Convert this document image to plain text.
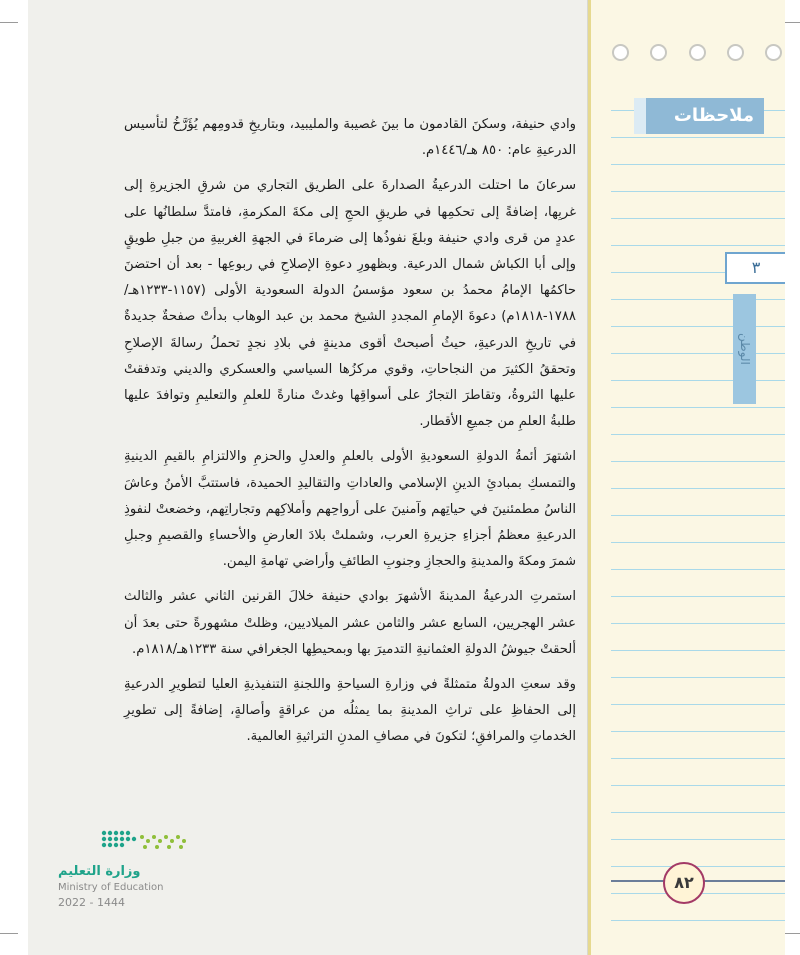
وادي حنيفة، وسكنَ القادمون ما بينَ غصيبة والمليبيد، وبتاريخِ قدومِهم يُؤَرَّخُ لتأسيس الدرعيةِ عام: ٨٥٠ هـ/١٤٤٦م.

سرعانَ ما احتلت الدرعيةُ الصدارةَ على الطريق التجاري من شرقِ الجزيرةِ إلى غربِها، إضافةً إلى تحكمِها في طريقِ الحجِ إلى مكةَ المكرمةِ، فامتدَّ سلطانُها على عددٍ من قرى وادي حنيفة وبلغَ نفوذُها إلى ضرماءَ في الجهةِ الغربيةِ من جبلِ طويقٍ وإلى أبا الكباش شمال الدرعية. وبظهورِ دعوةِ الإصلاحِ في ربوعِها - بعد أن احتضنَ حاكمُها الإمامُ محمدُ بن سعود مؤسسُ الدولة السعودية الأولى (١١٥٧-١٢٣٣هـ/١٧٨٨-١٨١٨م) دعوةَ الإمامِ المجددِ الشيخ محمد بن عبد الوهاب بدأتْ صفحةٌ جديدةٌ في تاريخِ الدرعيةِ، حيثُ أصبحتْ أقوى مدينةٍ في بلادِ نجدٍ تحملُ رسالةَ الإصلاحِ وتحققُ الكثيرَ من النجاحاتِ، وقوي مركزُها السياسي والعسكري والديني وتدفقتْ عليها الثروةُ، وتقاطرَ التجارُ على أسواقِها وغدتْ منارةً للعلمِ والتعليمِ وتوافدَ عليها طلبةُ العلمِ من جميعِ الأقطار.

اشتهرَ أئمةُ الدولةِ السعوديةِ الأولى بالعلمِ والعدلِ والحزمِ والالتزامِ بالقيمِ الدينيةِ والتمسكِ بمبادئِ الدينِ الإسلامي والعاداتِ والتقاليدِ الحميدة، فاستتبَّ الأمنُ وعاشَ الناسُ مطمئنينَ في حياتِهم وآمنينَ على أرواحِهم وأملاكِهم وتجاراتِهم، وخضعتْ لنفوذِ الدرعيةِ معظمُ أجزاءِ جزيرةِ العرب، وشملتْ بلادَ العارضِ والأحساءِ والقصيمِ وجبلِ شمرَ ومكةَ والمدينةِ والحجازِ وجنوبِ الطائفِ وأراضي تهامةِ اليمن.

استمرتِ الدرعيةُ المدينةَ الأشهرَ بوادي حنيفة خلالَ القرنين الثاني عشر والثالث عشر الهجريين، السابع عشر والثامن عشر الميلاديين، وظلتْ مشهورةً حتى بعدَ أن ألحقتْ جيوشُ الدولةِ العثمانيةِ التدميرَ بها وبمحيطِها الجغرافي سنة ١٢٣٣هـ/١٨١٨م.

وقد سعتِ الدولةُ متمثلةً في وزارةِ السياحةِ واللجنةِ التنفيذيةِ العليا لتطويرِ الدرعيةِ إلى الحفاظِ على تراثِ المدينةِ بما يمثلُه من عراقةٍ وأصالةٍ، إضافةً إلى تطويرِ الخدماتِ والمرافقِ؛ لتكونَ في مصافِ المدنِ التراثيةِ العالمية.

وزارة التعليم
Ministry of Education
2022 - 1444
ملاحظات
٣
الوطن
٨٢
